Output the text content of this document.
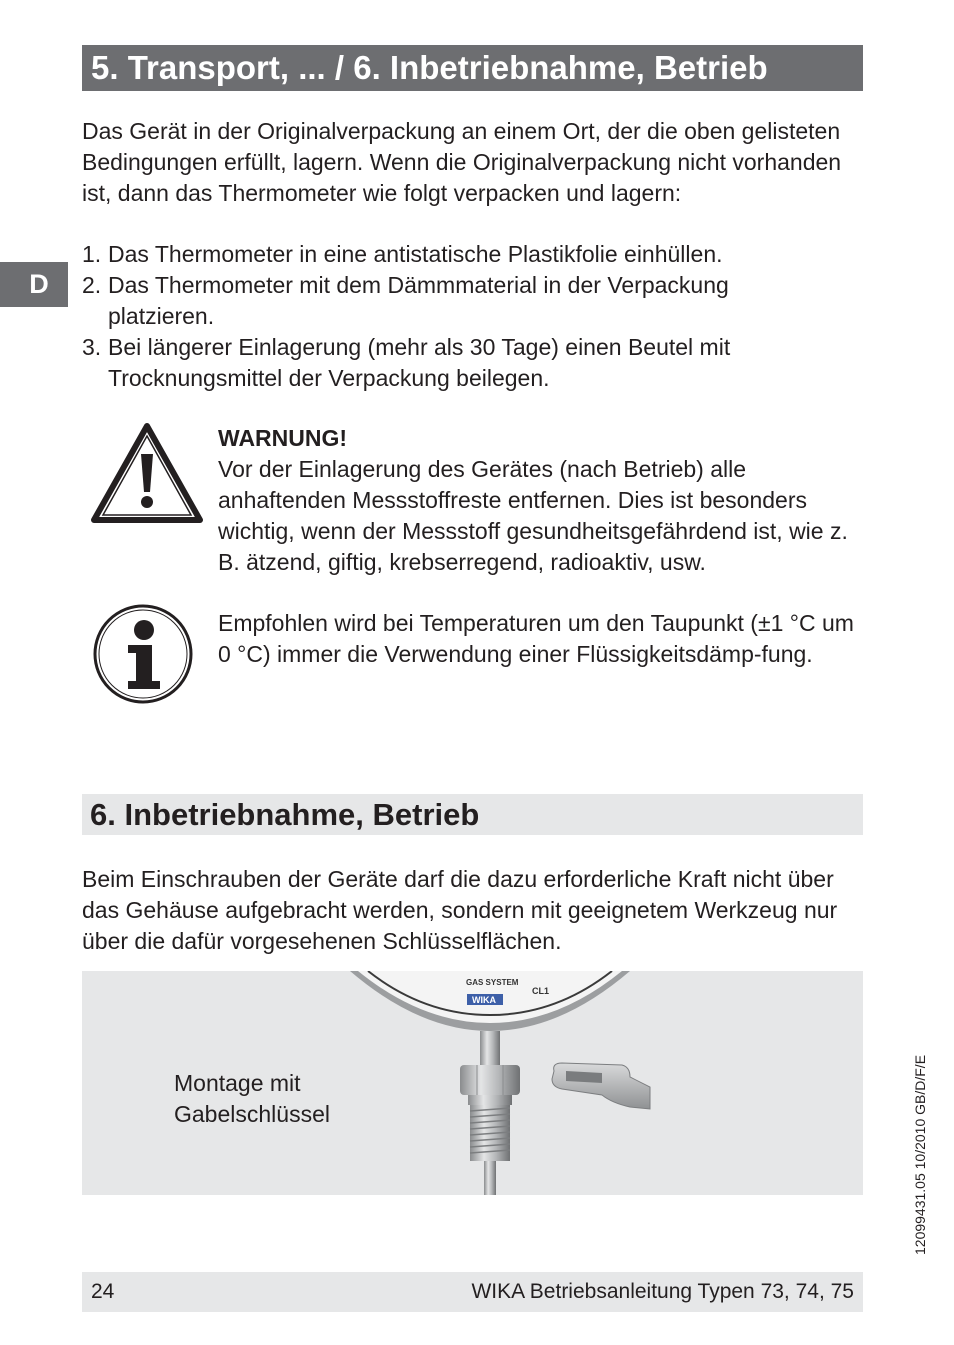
5. Transport, ... / 6. Inbetriebnahme, Betrieb
Das Gerät in der Originalverpackung an einem Ort, der die oben gelisteten Bedingungen erfüllt, lagern. Wenn die Originalverpackung nicht vorhanden ist, dann das Thermometer wie folgt verpacken und lagern:
D
1. Das Thermometer in eine antistatische Plastikfolie einhüllen.
2. Das Thermometer mit dem Dämmmaterial in der Verpackung platzieren.
3. Bei längerer Einlagerung (mehr als 30 Tage) einen Beutel mit Trocknungsmittel der Verpackung beilegen.
WARNUNG!
Vor der Einlagerung des Gerätes (nach Betrieb) alle anhaftenden Messstoffreste entfernen. Dies ist besonders wichtig, wenn der Messstoff gesundheitsgefährdend ist, wie z. B. ätzend, giftig, krebserregend, radioaktiv, usw.
Empfohlen wird bei Temperaturen um den Taupunkt (±1 °C um 0 °C) immer die Verwendung einer Flüssigkeitsdämp-fung.
6. Inbetriebnahme, Betrieb
Beim Einschrauben der Geräte darf die dazu erforderliche Kraft nicht über das Gehäuse aufgebracht werden, sondern mit geeignetem Werkzeug nur über die dafür vorgesehenen Schlüsselflächen.
Montage mit
Gabelschlüssel
GAS SYSTEM
WIKA
CL1
12099431.05 10/2010 GB/D/F/E
24	WIKA Betriebsanleitung Typen 73, 74, 75
